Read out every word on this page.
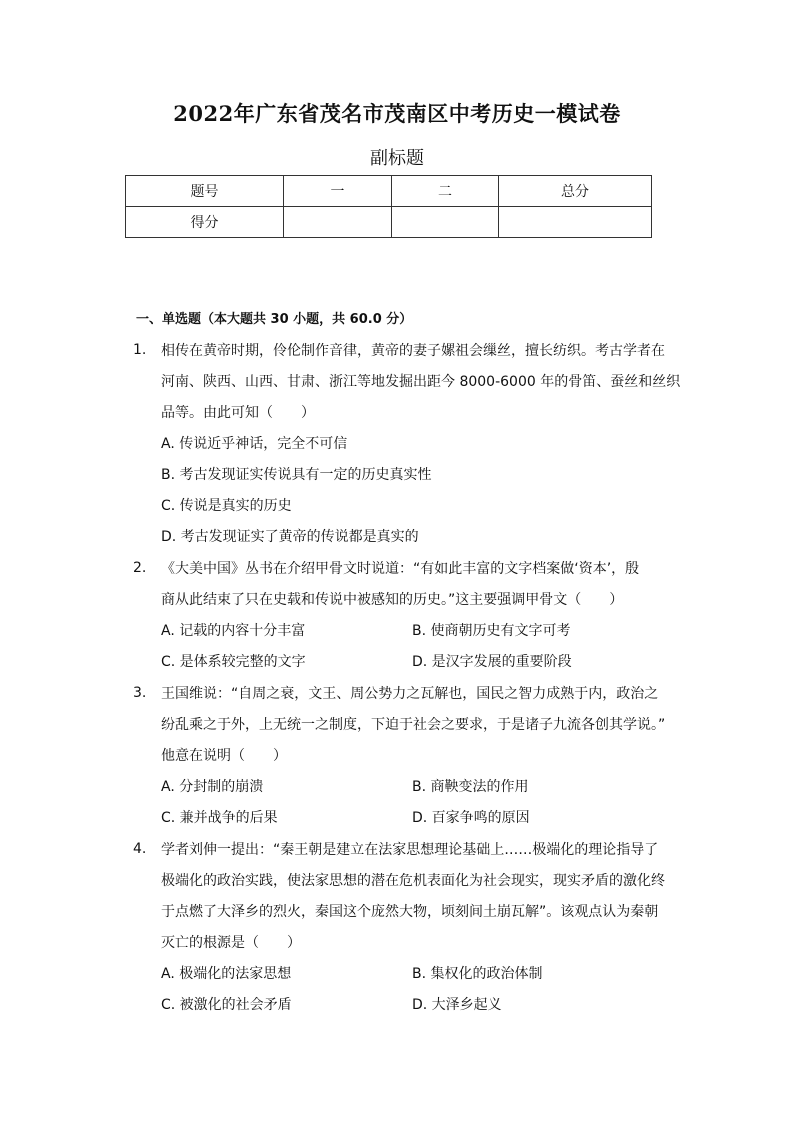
2022年广东省茂名市茂南区中考历史一模试卷
副标题
题号	一	二	总分
得分			
一、单选题（本大题共 30 小题，共 60.0 分）
1. 相传在黄帝时期，伶伦制作音律，黄帝的妻子嫘祖会缫丝，擅长纺织。考古学者在
河南、陕西、山西、甘肃、浙江等地发掘出距今 8000-6000 年的骨笛、蚕丝和丝织
品等。由此可知（　　）
A. 传说近乎神话，完全不可信
B. 考古发现证实传说具有一定的历史真实性
C. 传说是真实的历史
D. 考古发现证实了黄帝的传说都是真实的
2. 《大美中国》丛书在介绍甲骨文时说道：“有如此丰富的文字档案做‘资本’，殷
商从此结束了只在史载和传说中被感知的历史。”这主要强调甲骨文（　　）
A. 记载的内容十分丰富	B. 使商朝历史有文字可考
C. 是体系较完整的文字	D. 是汉字发展的重要阶段
3. 王国维说：“自周之衰，文王、周公势力之瓦解也，国民之智力成熟于内，政治之
纷乱乘之于外，上无统一之制度，下迫于社会之要求，于是诸子九流各创其学说。”
他意在说明（　　）
A. 分封制的崩溃	B. 商鞅变法的作用
C. 兼并战争的后果	D. 百家争鸣的原因
4. 学者刘伸一提出：“秦王朝是建立在法家思想理论基础上……极端化的理论指导了
极端化的政治实践，使法家思想的潜在危机表面化为社会现实，现实矛盾的激化终
于点燃了大泽乡的烈火，秦国这个庞然大物，顷刻间土崩瓦解”。该观点认为秦朝
灭亡的根源是（　　）
A. 极端化的法家思想	B. 集权化的政治体制
C. 被激化的社会矛盾	D. 大泽乡起义
